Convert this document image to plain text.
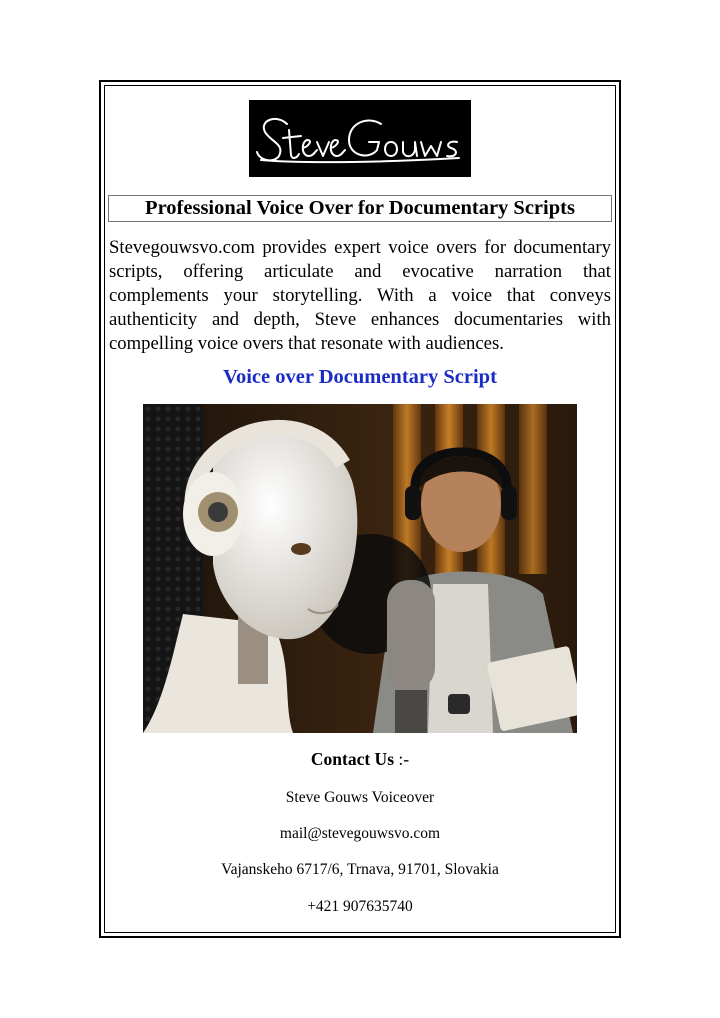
Professional Voice Over for Documentary Scripts

Stevegouwsvo.com provides expert voice overs for documentary scripts, offering articulate and evocative narration that complements your storytelling. With a voice that conveys authenticity and depth, Steve enhances documentaries with compelling voice overs that resonate with audiences.

Voice over Documentary Script
Contact Us :-
Steve Gouws Voiceover
mail@stevegouwsvo.com
Vajanskeho 6717/6, Trnava, 91701, Slovakia
+421 907635740
